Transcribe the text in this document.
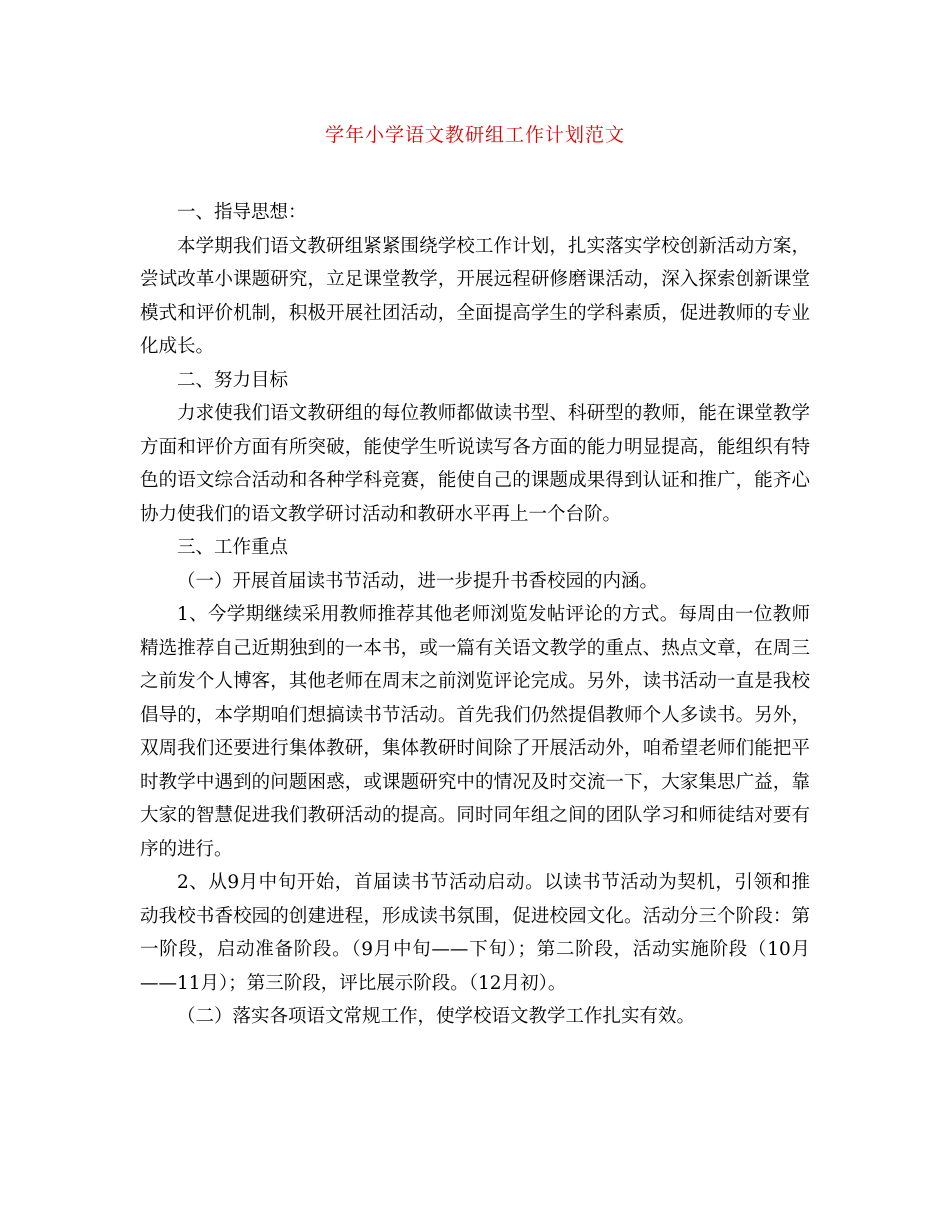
学年小学语文教研组工作计划范文

一、指导思想：

本学期我们语文教研组紧紧围绕学校工作计划，扎实落实学校创新活动方案，尝试改革小课题研究，立足课堂教学，开展远程研修磨课活动，深入探索创新课堂模式和评价机制，积极开展社团活动，全面提高学生的学科素质，促进教师的专业化成长。

二、努力目标

力求使我们语文教研组的每位教师都做读书型、科研型的教师，能在课堂教学方面和评价方面有所突破，能使学生听说读写各方面的能力明显提高，能组织有特色的语文综合活动和各种学科竞赛，能使自己的课题成果得到认证和推广，能齐心协力使我们的语文教学研讨活动和教研水平再上一个台阶。

三、工作重点

（一）开展首届读书节活动，进一步提升书香校园的内涵。

1、今学期继续采用教师推荐其他老师浏览发帖评论的方式。每周由一位教师精选推荐自己近期独到的一本书，或一篇有关语文教学的重点、热点文章，在周三之前发个人博客，其他老师在周末之前浏览评论完成。另外，读书活动一直是我校倡导的，本学期咱们想搞读书节活动。首先我们仍然提倡教师个人多读书。另外，双周我们还要进行集体教研，集体教研时间除了开展活动外，咱希望老师们能把平时教学中遇到的问题困惑，或课题研究中的情况及时交流一下，大家集思广益，靠大家的智慧促进我们教研活动的提高。同时同年组之间的团队学习和师徒结对要有序的进行。

2、从9月中旬开始，首届读书节活动启动。以读书节活动为契机，引领和推动我校书香校园的创建进程，形成读书氛围，促进校园文化。活动分三个阶段：第一阶段，启动准备阶段。（9月中旬——下旬）；第二阶段，活动实施阶段（10月——11月）；第三阶段，评比展示阶段。（12月初）。

（二）落实各项语文常规工作，使学校语文教学工作扎实有效。
